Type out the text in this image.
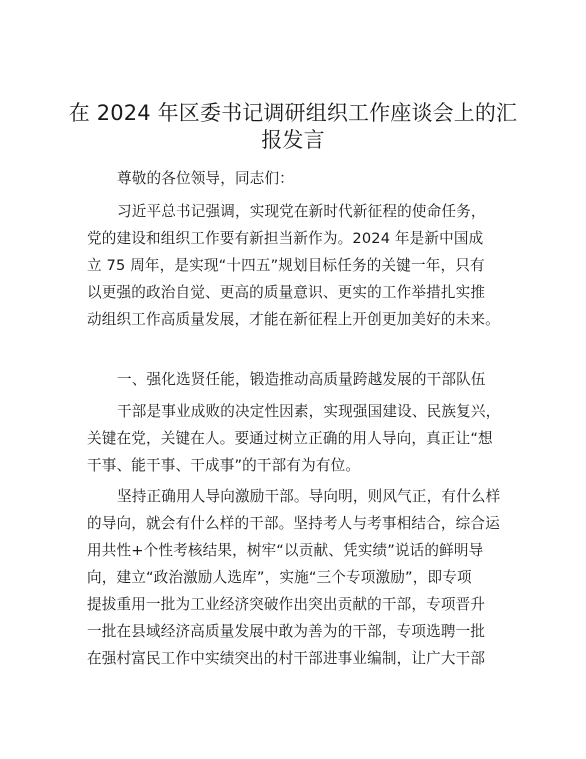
在 2024 年区委书记调研组织工作座谈会上的汇
报发言

尊敬的各位领导，同志们：

习近平总书记强调，实现党在新时代新征程的使命任务，
党的建设和组织工作要有新担当新作为。2024 年是新中国成
立 75 周年，是实现“十四五”规划目标任务的关键一年，只有
以更强的政治自觉、更高的质量意识、更实的工作举措扎实推
动组织工作高质量发展，才能在新征程上开创更加美好的未来。

一、强化选贤任能，锻造推动高质量跨越发展的干部队伍

干部是事业成败的决定性因素，实现强国建设、民族复兴，
关键在党，关键在人。要通过树立正确的用人导向，真正让“想
干事、能干事、干成事”的干部有为有位。

坚持正确用人导向激励干部。导向明，则风气正，有什么样
的导向，就会有什么样的干部。坚持考人与考事相结合，综合运
用共性+个性考核结果，树牢“以贡献、凭实绩”说话的鲜明导
向，建立“政治激励人选库”，实施“三个专项激励”，即专项
提拔重用一批为工业经济突破作出突出贡献的干部，专项晋升
一批在县域经济高质量发展中敢为善为的干部，专项选聘一批
在强村富民工作中实绩突出的村干部进事业编制，让广大干部
